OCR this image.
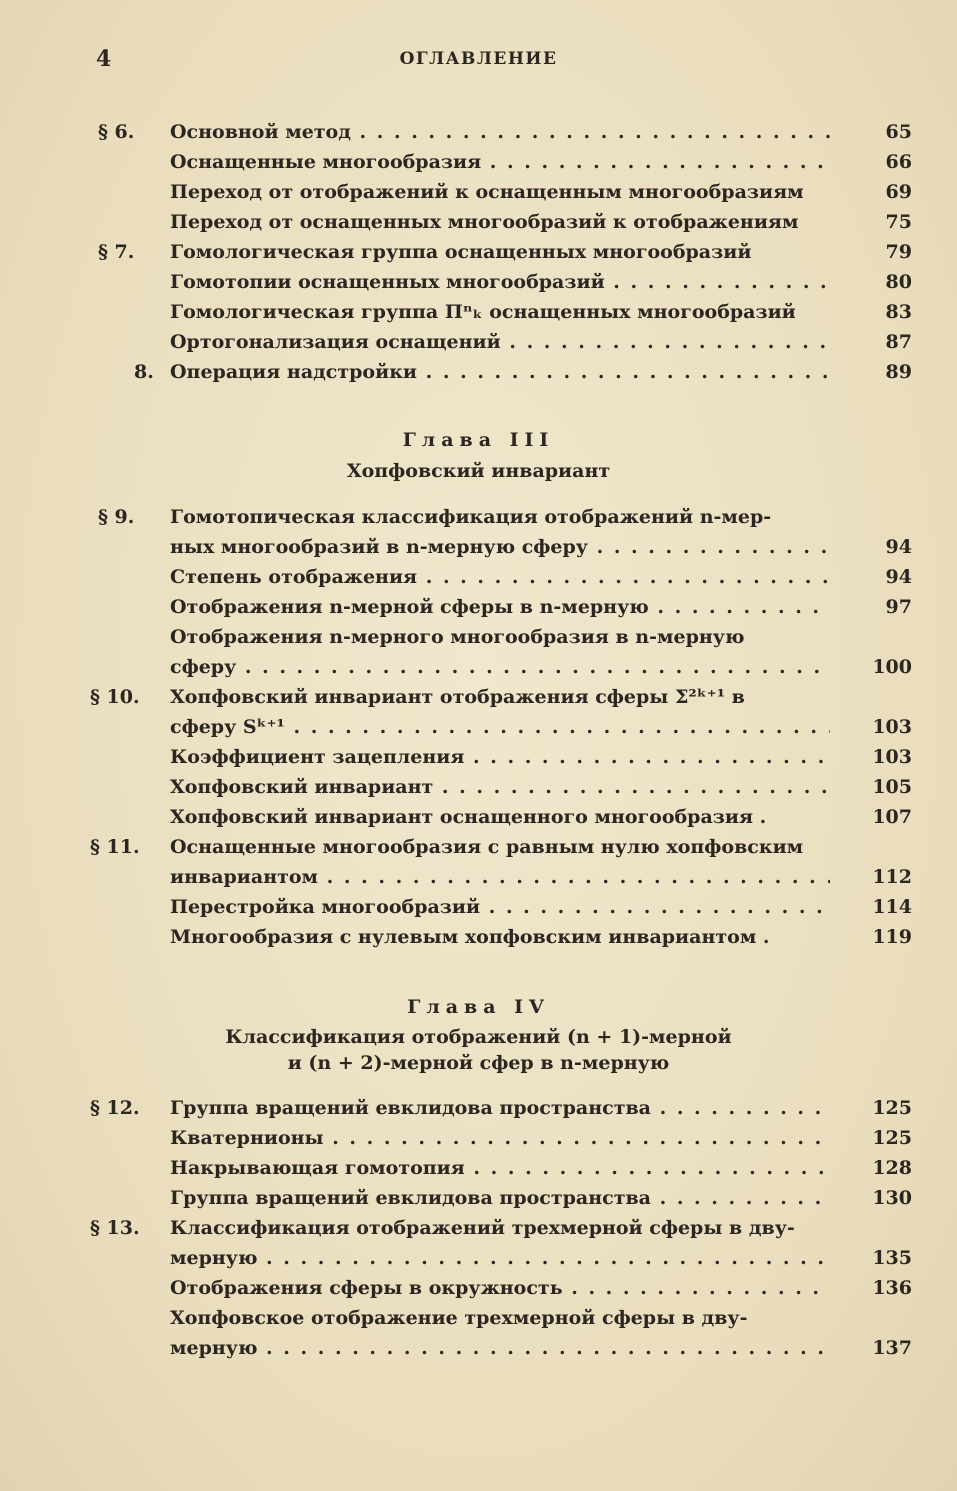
4	ОГЛАВЛЕНИЕ
§ 6.	Основной метод . . .	65
Оснащенные многообразия . . .	66
Переход от отображений к оснащенным многообразиям	69
Переход от оснащенных многообразий к отображениям	75
§ 7.	Гомологическая группа оснащенных многообразий	79
Гомотопии оснащенных многообразий . . .	80
Гомологическая группа Πⁿₖ оснащенных многообразий	83
Ортогонализация оснащений . . .	87
8. Операция надстройки . . .	89
Глава III
Хопфовский инвариант
§ 9.	Гомотопическая классификация отображений n-мер-
ных многообразий в n-мерную сферу . . .	94
Степень отображения . . .	94
Отображения n-мерной сферы в n-мерную . . .	97
Отображения n-мерного многообразия в n-мерную
сферу . . .	100
§ 10.	Хопфовский инвариант отображения сферы Σ²ᵏ⁺¹ в
сферу Sᵏ⁺¹ . . .	103
Коэффициент зацепления . . .	103
Хопфовский инвариант . . .	105
Хопфовский инвариант оснащенного многообразия .	107
§ 11.	Оснащенные многообразия с равным нулю хопфовским
инвариантом . . .	112
Перестройка многообразий . . .	114
Многообразия с нулевым хопфовским инвариантом .	119
Глава IV
Классификация отображений (n + 1)-мерной
и (n + 2)-мерной сфер в n-мерную
§ 12.	Группа вращений евклидова пространства . . .	125
Кватернионы . . .	125
Накрывающая гомотопия . . .	128
Группа вращений евклидова пространства . . .	130
§ 13.	Классификация отображений трехмерной сферы в дву-
мерную . . .	135
Отображения сферы в окружность . . .	136
Хопфовское отображение трехмерной сферы в дву-
мерную . . .	137
